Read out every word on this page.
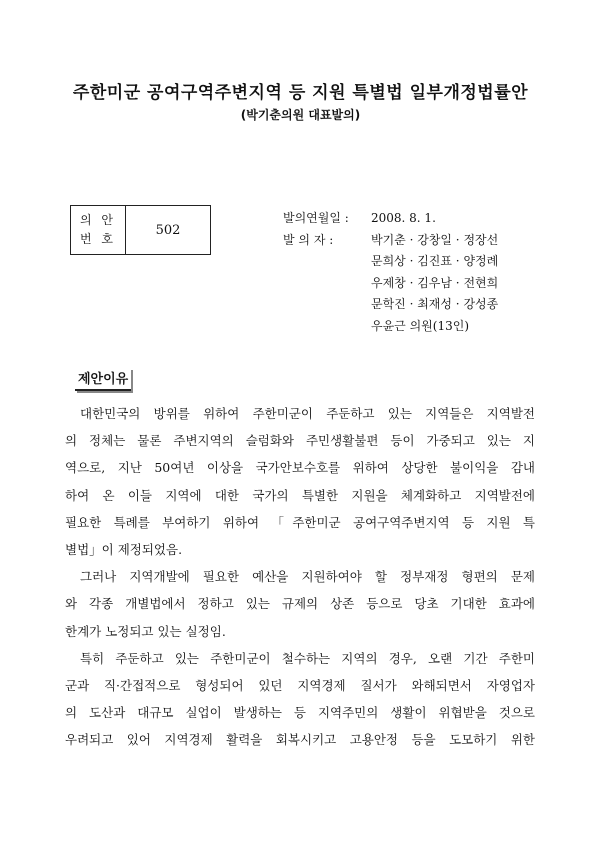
주한미군 공여구역주변지역 등 지원 특별법 일부개정법률안
(박기춘의원 대표발의)
의 안
번 호
502
발의연월일 :	2008. 8. 1.
발 의 자 :	박기춘 · 강창일 · 정장선
문희상 · 김진표 · 양정례
우제창 · 김우남 · 전현희
문학진 · 최재성 · 강성종
우윤근 의원(13인)
제안이유
대한민국의 방위를 위하여 주한미군이 주둔하고 있는 지역들은 지역발전
의 정체는 물론 주변지역의 슬럼화와 주민생활불편 등이 가중되고 있는 지
역으로, 지난 50여년 이상을 국가안보수호를 위하여 상당한 불이익을 감내
하여 온 이들 지역에 대한 국가의 특별한 지원을 체계화하고 지역발전에
필요한 특례를 부여하기 위하여 「주한미군 공여구역주변지역 등 지원 특
별법」이 제정되었음.
그러나 지역개발에 필요한 예산을 지원하여야 할 정부재정 형편의 문제
와 각종 개별법에서 정하고 있는 규제의 상존 등으로 당초 기대한 효과에
한계가 노정되고 있는 실정임.
특히 주둔하고 있는 주한미군이 철수하는 지역의 경우, 오랜 기간 주한미
군과 직·간접적으로 형성되어 있던 지역경제 질서가 와해되면서 자영업자
의 도산과 대규모 실업이 발생하는 등 지역주민의 생활이 위협받을 것으로
우려되고 있어 지역경제 활력을 회복시키고 고용안정 등을 도모하기 위한
